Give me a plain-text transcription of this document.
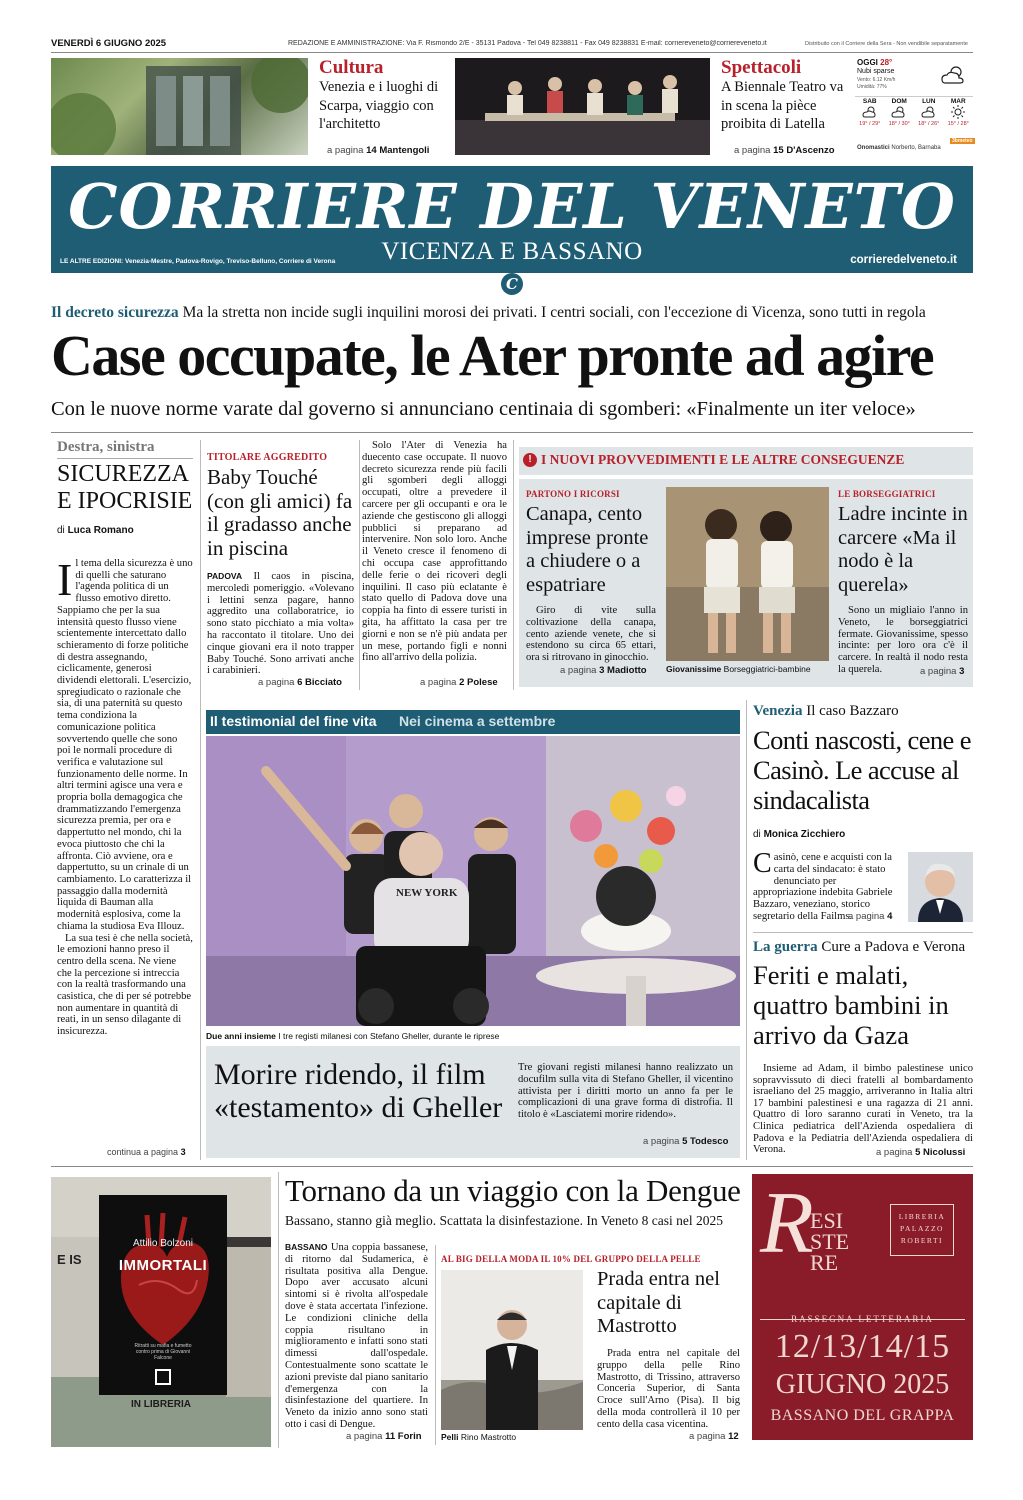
VENERDÌ 6 GIUGNO 2025	REDAZIONE E AMMINISTRAZIONE: Via F. Rismondo 2/E - 35131 Padova - Tel 049 8238811 - Fax 049 8238831 E-mail: corriereveneto@corriereveneto.it	Distribuito con il Corriere della Sera - Non vendibile separatamente
Cultura
Venezia e i luoghi di Scarpa, viaggio con l'architetto
a pagina 14 Mantengoli
Spettacoli
A Biennale Teatro va in scena la pièce proibita di Latella
a pagina 15 D'Ascenzo
OGGI 28°
Nubi sparse
Vento: 6.12 Km/h
Umidità: 77%
SAB
19° / 29°
DOM
18° / 30°
LUN
18° / 26°
MAR
15° / 28°
3bmeteo
Onomastici Norberto, Barnaba
CORRIERE DEL VENETO
VICENZA E BASSANO
LE ALTRE EDIZIONI: Venezia-Mestre, Padova-Rovigo, Treviso-Belluno, Corriere di Verona	corrieredelveneto.it
C
Il decreto sicurezza Ma la stretta non incide sugli inquilini morosi dei privati. I centri sociali, con l'eccezione di Vicenza, sono tutti in regola
Case occupate, le Ater pronte ad agire
Con le nuove norme varate dal governo si annunciano centinaia di sgomberi: «Finalmente un iter veloce»
Destra, sinistra
SICUREZZA E IPOCRISIE
di Luca Romano
Il tema della sicurezza è uno di quelli che saturano l'agenda politica di un flusso emotivo diretto. Sappiamo che per la sua intensità questo flusso viene scientemente intercettato dallo schieramento di forze politiche di destra assegnando, ciclicamente, generosi dividendi elettorali. L'esercizio, spregiudicato o razionale che sia, di una paternità su questo tema condiziona la comunicazione politica sovvertendo quelle che sono poi le normali procedure di verifica e valutazione sul funzionamento delle norme. In altri termini agisce una vera e propria bolla demagogica che drammatizzando l'emergenza sicurezza premia, per ora e dappertutto nel mondo, chi la evoca piuttosto che chi la affronta. Ciò avviene, ora e dappertutto, su un crinale di un cambiamento. Lo caratterizza il passaggio dalla modernità liquida di Bauman alla modernità esplosiva, come la chiama la studiosa Eva Illouz.
La sua tesi è che nella società, le emozioni hanno preso il centro della scena. Ne viene che la percezione si intreccia con la realtà trasformando una casistica, che di per sé potrebbe non aumentare in quantità di reati, in un senso dilagante di insicurezza.
continua a pagina 3
TITOLARE AGGREDITO
Baby Touché (con gli amici) fa il gradasso anche in piscina
PADOVA Il caos in piscina, mercoledì pomeriggio. «Volevano i lettini senza pagare, hanno aggredito una collaboratrice, io sono stato picchiato a mia volta» ha raccontato il titolare. Uno dei cinque giovani era il noto trapper Baby Touché. Sono arrivati anche i carabinieri.
a pagina 6 Bicciato
Solo l'Ater di Venezia ha duecento case occupate. Il nuovo decreto sicurezza rende più facili gli sgomberi degli alloggi occupati, oltre a prevedere il carcere per gli occupanti e ora le aziende che gestiscono gli alloggi pubblici si preparano ad intervenire. Non solo loro. Anche il Veneto cresce il fenomeno di chi occupa case approfittando delle ferie o dei ricoveri degli inquilini. Il caso più eclatante è stato quello di Padova dove una coppia ha finto di essere turisti in gita, ha affittato la casa per tre giorni e non se n'è più andata per un mese, portando figli e nonni fino all'arrivo della polizia.
a pagina 2 Polese
! I NUOVI PROVVEDIMENTI E LE ALTRE CONSEGUENZE
PARTONO I RICORSI
Canapa, cento imprese pronte a chiudere o a espatriare
Giro di vite sulla coltivazione della canapa, cento aziende venete, che si estendono su circa 65 ettari, ora si ritrovano in ginocchio.
a pagina 3 Madiotto Giovanissime Borseggiatrici-bambine
LE BORSEGGIATRICI
Ladre incinte in carcere «Ma il nodo è la querela»
Sono un migliaio l'anno in Veneto, le borseggiatrici fermate. Giovanissime, spesso incinte: per loro ora c'è il carcere. In realtà il nodo resta la querela.	a pagina 3
Il testimonial del fine vita Nei cinema a settembre
NEW YORK
Due anni insieme I tre registi milanesi con Stefano Gheller, durante le riprese
Morire ridendo, il film «testamento» di Gheller
Tre giovani registi milanesi hanno realizzato un docufilm sulla vita di Stefano Gheller, il vicentino attivista per i diritti morto un anno fa per le complicazioni di una grave forma di distrofia. Il titolo è «Lasciatemi morire ridendo».
a pagina 5 Todesco
Venezia Il caso Bazzaro
Conti nascosti, cene e Casinò. Le accuse al sindacalista
di Monica Zicchiero
Casinò, cene e acquisti con la carta del sindacato: è stato denunciato per appropriazione indebita Gabriele Bazzaro, veneziano, storico segretario della Failms.
a pagina 4
La guerra Cure a Padova e Verona
Feriti e malati, quattro bambini in arrivo da Gaza
Insieme ad Adam, il bimbo palestinese unico sopravvissuto di dieci fratelli al bombardamento israeliano del 25 maggio, arriveranno in Italia altri 17 bambini palestinesi e una ragazza di 21 anni. Quattro di loro saranno curati in Veneto, tra la Clinica pediatrica dell'Azienda ospedaliera di Padova e la Pediatria dell'Azienda ospedaliera di Verona.	a pagina 5 Nicolussi
E IS
Attilio Bolzoni
IMMORTALI
Ritratti su mafia e fumetto contro prima di Giovanni Falcone
IN LIBRERIA
Tornano da un viaggio con la Dengue
Bassano, stanno già meglio. Scattata la disinfestazione. In Veneto 8 casi nel 2025
BASSANO Una coppia bassanese, di ritorno dal Sudamerica, è risultata positiva alla Dengue. Dopo aver accusato alcuni sintomi si è rivolta all'ospedale dove è stata accertata l'infezione. Le condizioni cliniche della coppia risultano in miglioramento e infatti sono stati dimessi dall'ospedale. Contestualmente sono scattate le azioni previste dal piano sanitario d'emergenza con la disinfestazione del quartiere. In Veneto da inizio anno sono stati otto i casi di Dengue.
a pagina 11 Forin
AL BIG DELLA MODA IL 10% DEL GRUPPO DELLA PELLE
Pelli Rino Mastrotto
Prada entra nel capitale di Mastrotto
Prada entra nel capitale del gruppo della pelle Rino Mastrotto, di Trissino, attraverso Conceria Superior, di Santa Croce sull'Arno (Pisa). Il big della moda controllerà il 10 per cento della casa vicentina.
a pagina 12
R
ESI
STE
RE
LIBRERIA
PALAZZO
ROBERTI
RASSEGNA LETTERARIA
12/13/14/15
GIUGNO 2025
BASSANO DEL GRAPPA
